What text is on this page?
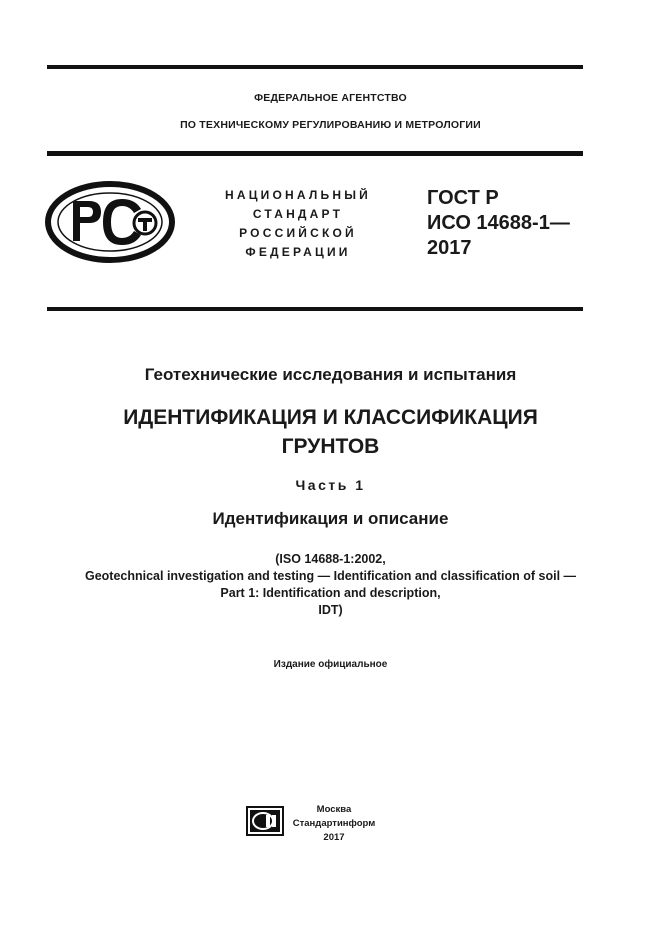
ФЕДЕРАЛЬНОЕ АГЕНТСТВО
ПО ТЕХНИЧЕСКОМУ РЕГУЛИРОВАНИЮ И МЕТРОЛОГИИ
НАЦИОНАЛЬНЫЙ
СТАНДАРТ
РОССИЙСКОЙ
ФЕДЕРАЦИИ
ГОСТ Р
ИСО 14688-1—
2017
Геотехнические исследования и испытания
ИДЕНТИФИКАЦИЯ И КЛАССИФИКАЦИЯ
ГРУНТОВ
Часть 1
Идентификация и описание
(ISO 14688-1:2002,
Geotechnical investigation and testing — Identification and classification of soil —
Part 1: Identification and description,
IDT)
Издание официальное
Москва
Стандартинформ
2017
